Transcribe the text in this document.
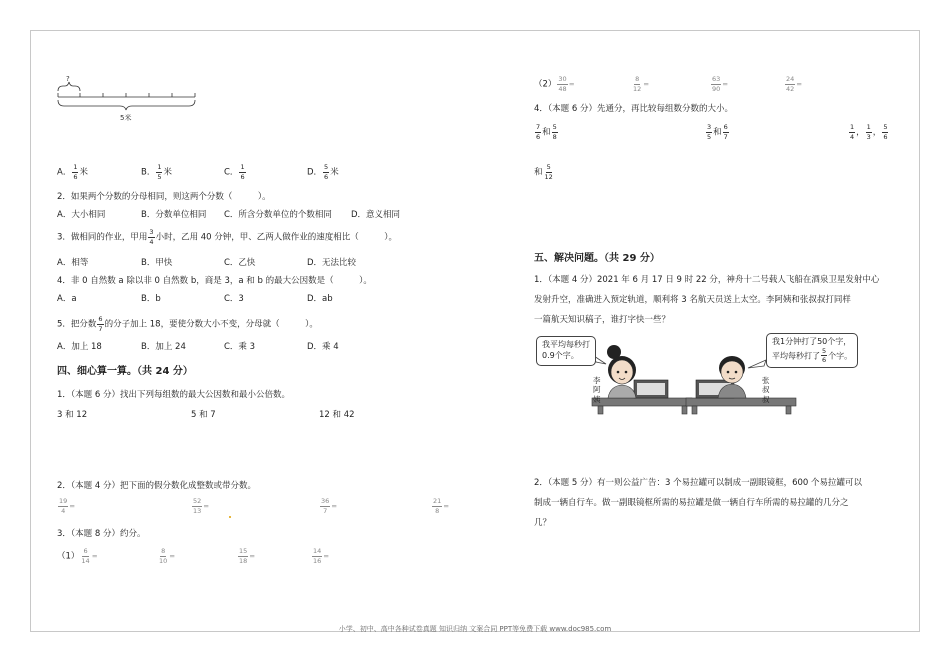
?
5米
A． $\frac{1}{6}$ 米	B． $\frac{1}{5}$ 米	C． $\frac{1}{6}$	D． $\frac{5}{6}$ 米
2．如果两个分数的分母相同，则这两个分数（　　　）。
A．大小相同	B．分数单位相同 C．所含分数单位的个数相同 D．意义相同
3．做相同的作业，甲用 $\frac{3}{4}$ 小时，乙用 40 分钟，甲、乙两人做作业的速度相比（　　　）。
A．相等	B．甲快	C．乙快	D．无法比较
4．非 0 自然数 a 除以非 0 自然数 b，商是 3，a 和 b 的最大公因数是（　　　）。
A．a	B．b	C．3	D．ab
5．把分数 $\frac{6}{7}$ 的分子加上 18，要使分数大小不变，分母就（　　　）。
A．加上 18	B．加上 24	C．乘 3	D．乘 4
四、细心算一算。（共 24 分）
1．（本题 6 分）找出下列每组数的最大公因数和最小公倍数。
3 和 12	5 和 7	12 和 42
2．（本题 4 分）把下面的假分数化成整数或带分数。
$\frac{19}{4}$ =	$\frac{52}{13}$ =	$\frac{36}{7}$ =	$\frac{21}{8}$ =
3．（本题 8 分）约分。
$(1) \frac{6}{14}$ =	$\frac{8}{10}$ =	$\frac{15}{18}$ =	$\frac{14}{16}$ =
$(2) \frac{30}{48}$ =	$\frac{8}{12}$ =	$\frac{63}{90}$ =	$\frac{24}{42}$ =
4．（本题 6 分）先通分，再比较每组数分数的大小。
$\frac{7}{6}$ 和 $\frac{5}{8}$	$\frac{3}{5}$ 和 $\frac{6}{7}$	$\frac{1}{4}$ ， $\frac{1}{3}$ ， $\frac{5}{6}$
和 $\frac{5}{12}$
五、解决问题。（共 29 分）
1．（本题 4 分）2021 年 6 月 17 日 9 时 22 分，神舟十二号载人飞船在酒泉卫星发射中心
发射升空，准确进入预定轨道，顺利将 3 名航天员送上太空。李阿姨和张叔叔打同样
一篇航天知识稿子，谁打字快一些？
我平均每秒打
0.9个字。
我1分钟打了50个字，
平均每秒打了 $\frac{5}{6}$ 个字。
李
阿
姨
张
叔
叔
2．（本题 5 分）有一则公益广告：3 个易拉罐可以制成一副眼镜框，600 个易拉罐可以
制成一辆自行车。做一副眼镜框所需的易拉罐是做一辆自行车所需的易拉罐的几分之
几？
小学、初中、高中各种试卷真题 知识归纳 文案合同 PPT等免费下载 www.doc985.com
